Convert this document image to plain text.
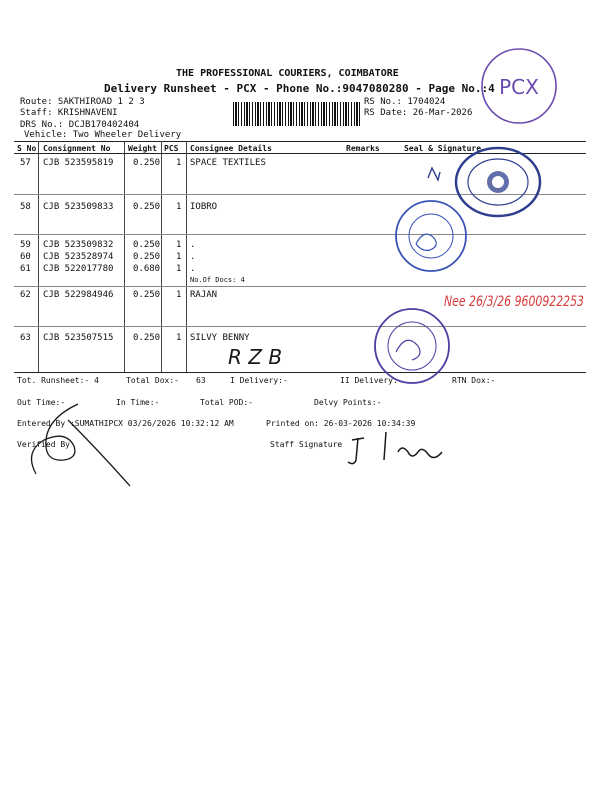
THE PROFESSIONAL COURIERS, COIMBATORE
Delivery Runsheet - PCX - Phone No.:9047080280 - Page No.:4
Route: SAKTHIROAD 1 2 3
Staff: KRISHNAVENI
DRS No.: DCJB170402404
Vehicle: Two Wheeler Delivery
RS No.: 1704024
RS Date: 26-Mar-2026
S No Consignment No Weight PCS Consignee Details	Remarks	Seal & Signature
57 CJB 523595819 0.250 1 SPACE TEXTILES
58 CJB 523509833 0.250 1 IOBRO
59 CJB 523509832 0.250 1 .
60 CJB 523528974 0.250 1 .
61 CJB 522017780 0.680 1 .
No.Of Docs: 4
62 CJB 522984946 0.250 1 RAJAN
63 CJB 523507515 0.250 1 SILVY BENNY
Tot. Runsheet:- 4	Total Dox:- 63	I Delivery:-	II Delivery:-	RTN Dox:-
Out Time:-	In Time:-	Total POD:-	Delvy Points:-
Entered By :SUMATHIPCX 03/26/2026 10:32:12 AM	Printed on: 26-03-2026 10:34:39
Verified By	Staff Signature
PCX
Nee 26/3/26 9600922253
R Z B
